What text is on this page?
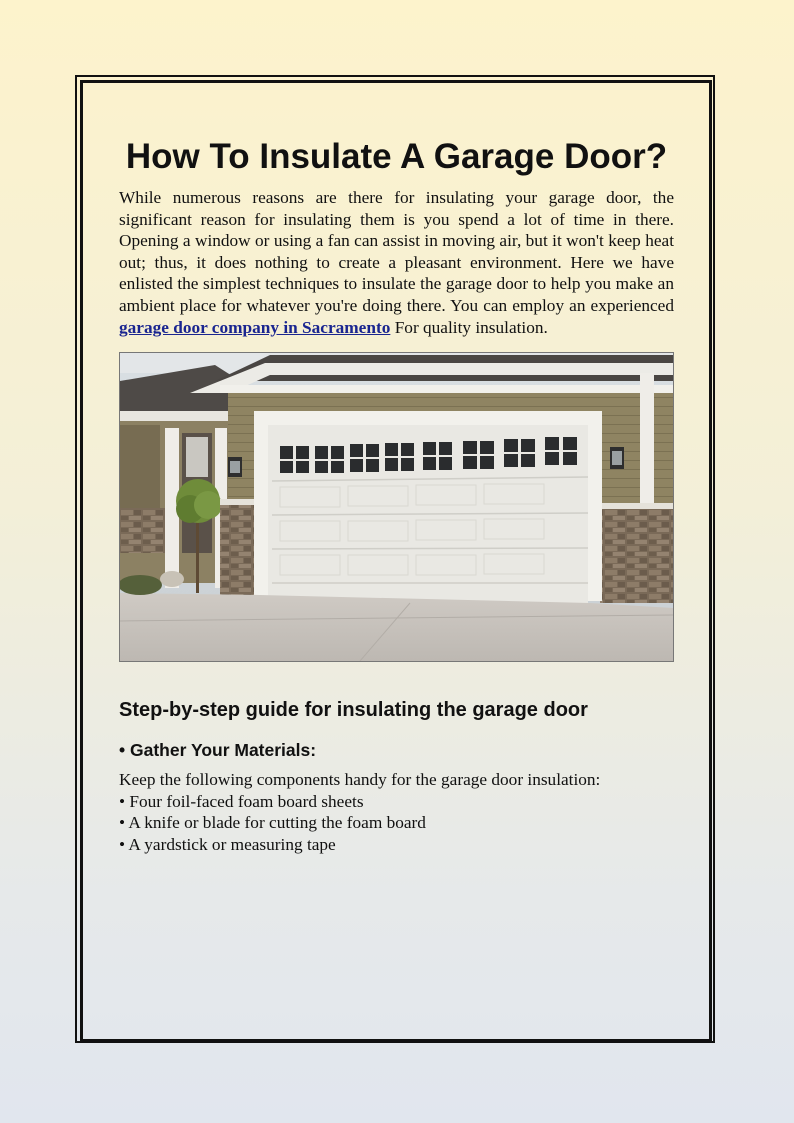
How To Insulate A Garage Door?

While numerous reasons are there for insulating your garage door, the significant reason for insulating them is you spend a lot of time in there. Opening a window or using a fan can assist in moving air, but it won't keep heat out; thus, it does nothing to create a pleasant environment. Here we have enlisted the simplest techniques to insulate the garage door to help you make an ambient place for whatever you're doing there. You can employ an experienced garage door company in Sacramento For quality insulation.

Step-by-step guide for insulating the garage door
• Gather Your Materials:

Keep the following components handy for the garage door insulation:

• Four foil-faced foam board sheets

• A knife or blade for cutting the foam board

• A yardstick or measuring tape
